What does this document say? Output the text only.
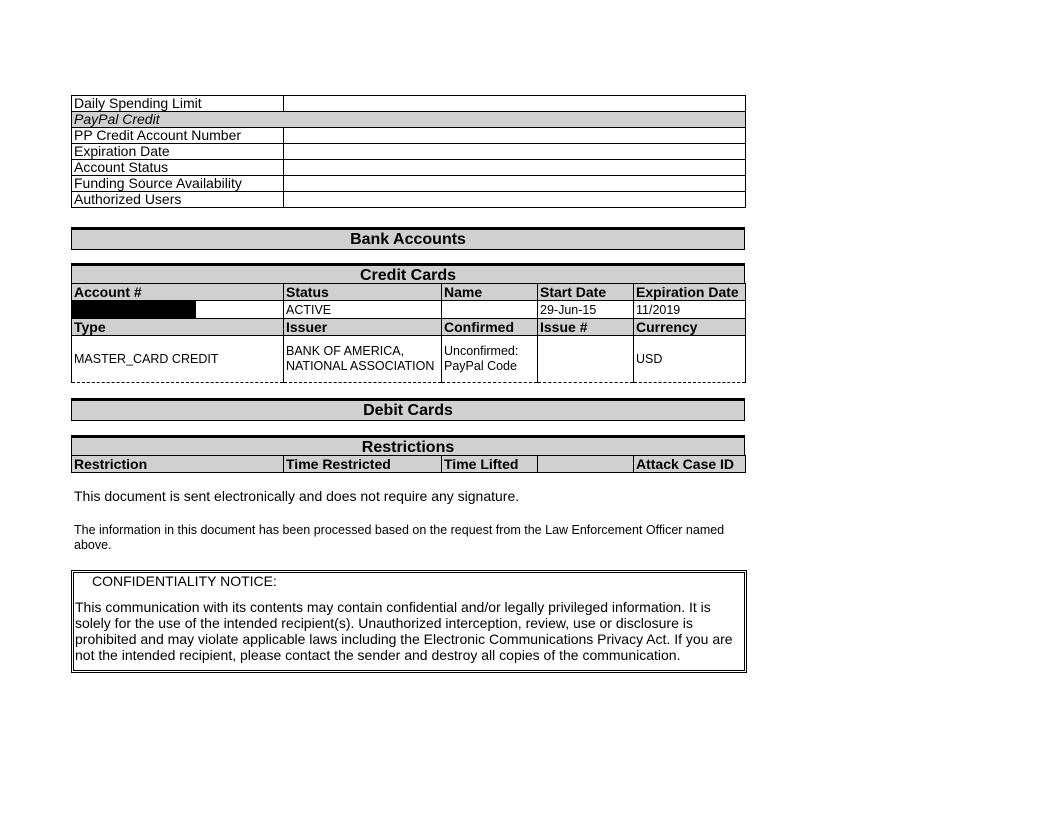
Daily Spending Limit	
PayPal Credit	
PP Credit Account Number	
Expiration Date	
Account Status	
Funding Source Availability	
Authorized Users	
Bank Accounts
Credit Cards
Account #	Status	Name	Start Date	Expiration Date
	ACTIVE		29-Jun-15	11/2019
Type	Issuer	Confirmed	Issue #	Currency
MASTER_CARD CREDIT	BANK OF AMERICA, NATIONAL ASSOCIATION	Unconfirmed: PayPal Code		USD
Debit Cards
Restrictions
Restriction	Time Restricted	Time Lifted		Attack Case ID
This document is sent electronically and does not require any signature.
The information in this document has been processed based on the request from the Law Enforcement Officer named above.
CONFIDENTIALITY NOTICE:
This communication with its contents may contain confidential and/or legally privileged information. It is solely for the use of the intended recipient(s). Unauthorized interception, review, use or disclosure is prohibited and may violate applicable laws including the Electronic Communications Privacy Act. If you are not the intended recipient, please contact the sender and destroy all copies of the communication.
